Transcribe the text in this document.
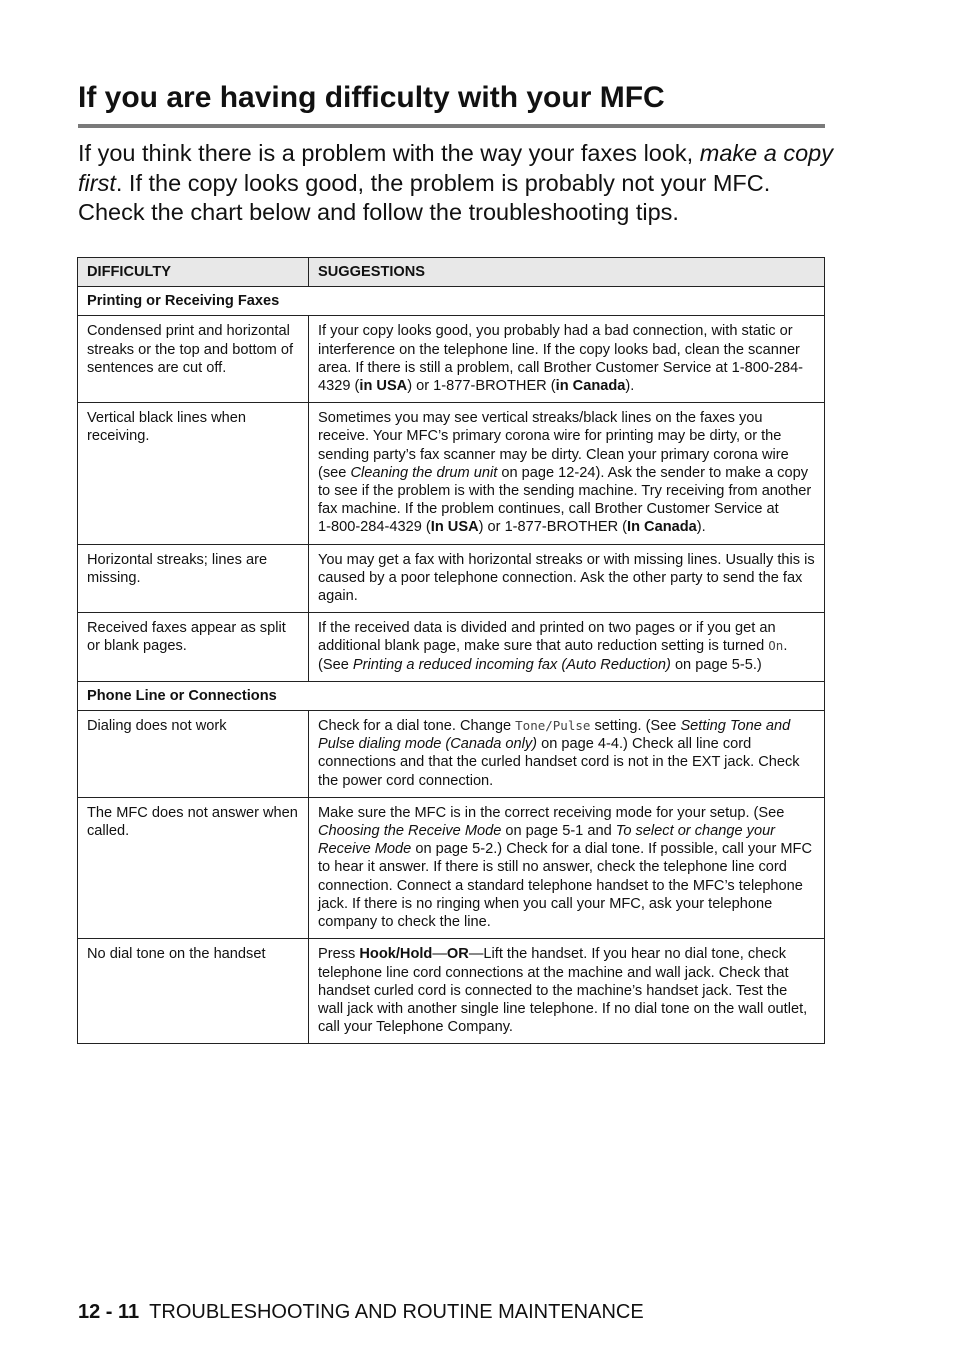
If you are having difficulty with your MFC

If you think there is a problem with the way your faxes look, make a copy first. If the copy looks good, the problem is probably not your MFC. Check the chart below and follow the troubleshooting tips.

DIFFICULTY	SUGGESTIONS
Printing or Receiving Faxes	
Condensed print and horizontal streaks or the top and bottom of sentences are cut off.	If your copy looks good, you probably had a bad connection, with static or interference on the telephone line. If the copy looks bad, clean the scanner area. If there is still a problem, call Brother Customer Service at 1-800-284-4329 (in USA) or 1-877-BROTHER (in Canada).
Vertical black lines when receiving.	Sometimes you may see vertical streaks/black lines on the faxes you receive. Your MFC’s primary corona wire for printing may be dirty, or the sending party’s fax scanner may be dirty. Clean your primary corona wire (see Cleaning the drum unit on page 12-24). Ask the sender to make a copy to see if the problem is with the sending machine. Try receiving from another fax machine. If the problem continues, call Brother Customer Service at
1-800-284-4329 (In USA) or 1-877-BROTHER (In Canada).
Horizontal streaks; lines are missing.	You may get a fax with horizontal streaks or with missing lines. Usually this is caused by a poor telephone connection. Ask the other party to send the fax again.
Received faxes appear as split or blank pages.	If the received data is divided and printed on two pages or if you get an additional blank page, make sure that auto reduction setting is turned On. (See Printing a reduced incoming fax (Auto Reduction) on page 5-5.)
Phone Line or Connections	
Dialing does not work	Check for a dial tone. Change Tone/Pulse setting. (See Setting Tone and Pulse dialing mode (Canada only) on page 4-4.) Check all line cord connections and that the curled handset cord is not in the EXT jack. Check the power cord connection.
The MFC does not answer when called.	Make sure the MFC is in the correct receiving mode for your setup. (See Choosing the Receive Mode on page 5-1 and To select or change your Receive Mode on page 5-2.) Check for a dial tone. If possible, call your MFC to hear it answer. If there is still no answer, check the telephone line cord connection. Connect a standard telephone handset to the MFC’s telephone jack. If there is no ringing when you call your MFC, ask your telephone company to check the line.
No dial tone on the handset	Press Hook/Hold—OR—Lift the handset. If you hear no dial tone, check telephone line cord connections at the machine and wall jack. Check that handset curled cord is connected to the machine’s handset jack. Test the wall jack with another single line telephone. If no dial tone on the wall outlet, call your Telephone Company.
12 - 11 TROUBLESHOOTING AND ROUTINE MAINTENANCE
